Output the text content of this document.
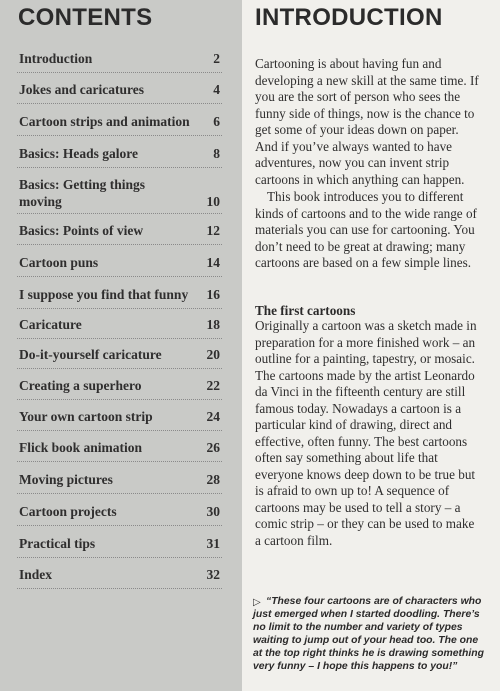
CONTENTS
Introduction	2
Jokes and caricatures	4
Cartoon strips and animation	6
Basics: Heads galore	8
Basics: Getting things moving	10
Basics: Points of view	12
Cartoon puns	14
I suppose you find that funny	16
Caricature	18
Do-it-yourself caricature	20
Creating a superhero	22
Your own cartoon strip	24
Flick book animation	26
Moving pictures	28
Cartoon projects	30
Practical tips	31
Index	32
INTRODUCTION

Cartooning is about having fun and developing a new skill at the same time. If you are the sort of person who sees the funny side of things, now is the chance to get some of your ideas down on paper. And if you’ve always wanted to have adventures, now you can invent strip cartoons in which anything can happen.

This book introduces you to different kinds of cartoons and to the wide range of materials you can use for cartooning. You don’t need to be great at drawing; many cartoons are based on a few simple lines.

The first cartoons

Originally a cartoon was a sketch made in preparation for a more finished work – an outline for a painting, tapestry, or mosaic. The cartoons made by the artist Leonardo da Vinci in the fifteenth century are still famous today. Nowadays a cartoon is a particular kind of drawing, direct and effective, often funny. The best cartoons often say something about life that everyone knows deep down to be true but is afraid to own up to! A sequence of cartoons may be used to tell a story – a comic strip – or they can be used to make a cartoon film.

▷ “These four cartoons are of characters who just emerged when I started doodling. There’s no limit to the number and variety of types waiting to jump out of your head too. The one at the top right thinks he is drawing something very funny – I hope this happens to you!”
